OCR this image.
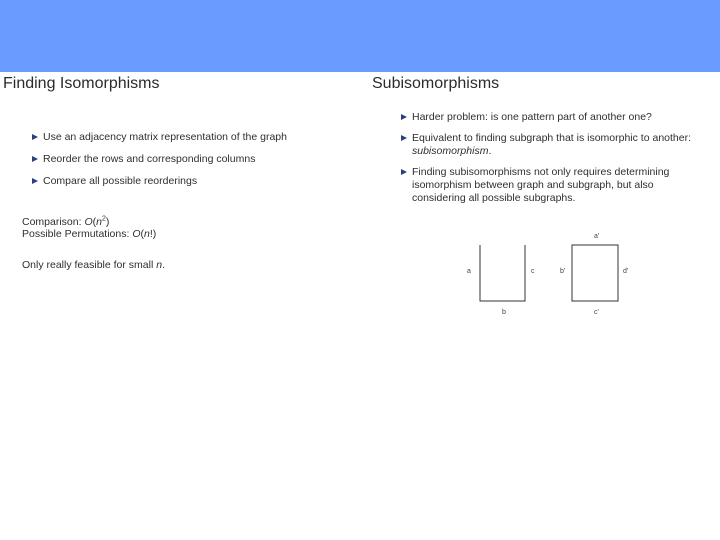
Finding Isomorphisms
Use an adjacency matrix representation of the graph
Reorder the rows and corresponding columns
Compare all possible reorderings
Comparison: $O(n^2)$
Possible Permutations: O(n!)
Only really feasible for small n.
Subisomorphisms
Harder problem: is one pattern part of another one?
Equivalent to finding subgraph that is isomorphic to another:
subisomorphism.
Finding subisomorphisms not only requires determining isomorphism between graph and subgraph, but also considering all possible subgraphs.
a
b
c
a'
b'
c'
d'
